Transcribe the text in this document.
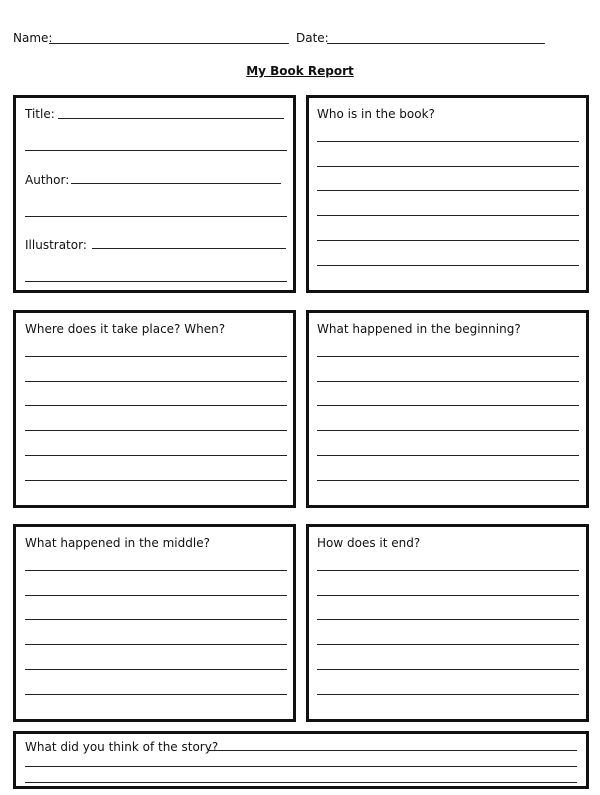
Name:	Date:
My Book Report
Title:
Author:
Illustrator:
Who is in the book?
Where does it take place? When?	What happened in the beginning?
What happened in the middle?	How does it end?
What did you think of the story?
